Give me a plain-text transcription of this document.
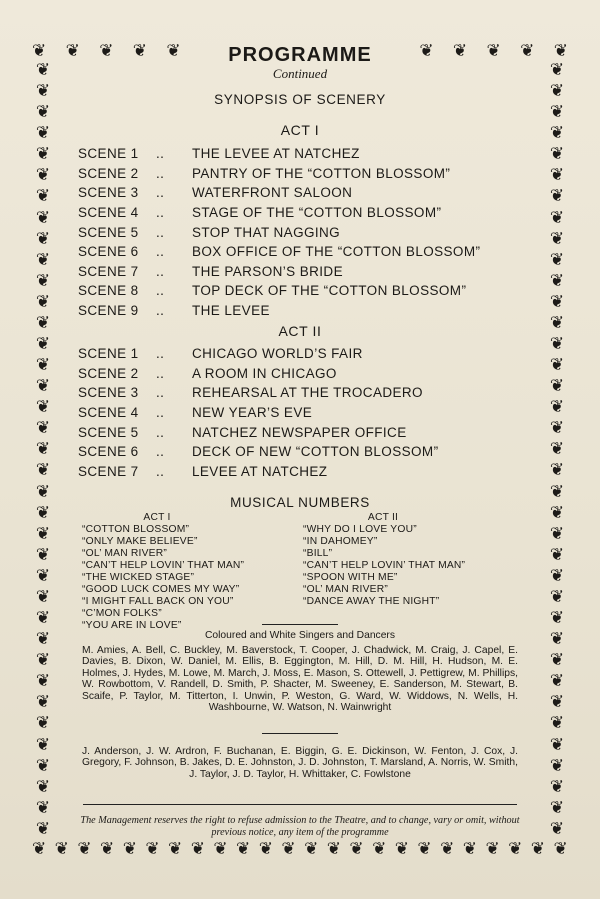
❦ ❦ ❦ ❦ ❦	❦ ❦ ❦ ❦ ❦
❦ ❦ ❦ ❦ ❦ ❦ ❦ ❦ ❦ ❦ ❦ ❦ ❦ ❦ ❦ ❦ ❦ ❦ ❦ ❦ ❦ ❦ ❦ ❦
❦
❦
❦
❦
❦
❦
❦
❦
❦
❦
❦
❦
❦
❦
❦
❦
❦
❦
❦
❦
❦
❦
❦
❦
❦
❦
❦
❦
❦
❦
❦
❦
❦
❦
❦
❦
❦
❦
❦
❦
❦
❦
❦
❦
❦
❦
❦
❦
❦
❦
❦
❦
❦
❦
❦
❦
❦
❦
❦
❦
❦
❦
❦
❦
❦
❦
❦
❦
❦
❦
❦
❦
❦
❦
PROGRAMME
Continued
SYNOPSIS OF SCENERY
ACT I
SCENE 1	..	THE LEVEE AT NATCHEZ
SCENE 2	..	PANTRY OF THE “COTTON BLOSSOM”
SCENE 3	..	WATERFRONT SALOON
SCENE 4	..	STAGE OF THE “COTTON BLOSSOM”
SCENE 5	..	STOP THAT NAGGING
SCENE 6	..	BOX OFFICE OF THE “COTTON BLOSSOM”
SCENE 7	..	THE PARSON’S BRIDE
SCENE 8	..	TOP DECK OF THE “COTTON BLOSSOM”
SCENE 9	..	THE LEVEE
ACT II
SCENE 1	..	CHICAGO WORLD’S FAIR
SCENE 2	..	A ROOM IN CHICAGO
SCENE 3	..	REHEARSAL AT THE TROCADERO
SCENE 4	..	NEW YEAR’S EVE
SCENE 5	..	NATCHEZ NEWSPAPER OFFICE
SCENE 6	..	DECK OF NEW “COTTON BLOSSOM”
SCENE 7	..	LEVEE AT NATCHEZ
MUSICAL NUMBERS
ACT I
“COTTON BLOSSOM”
“ONLY MAKE BELIEVE”
“OL’ MAN RIVER”
“CAN’T HELP LOVIN’ THAT MAN”
“THE WICKED STAGE”
“GOOD LUCK COMES MY WAY”
“I MIGHT FALL BACK ON YOU”
“C’MON FOLKS”
“YOU ARE IN LOVE”
ACT II
“WHY DO I LOVE YOU”
“IN DAHOMEY”
“BILL”
“CAN’T HELP LOVIN’ THAT MAN”
“SPOON WITH ME”
“OL’ MAN RIVER”
“DANCE AWAY THE NIGHT”
Coloured and White Singers and Dancers
M. Amies, A. Bell, C. Buckley, M. Baverstock, T. Cooper, J. Chadwick, M. Craig, J. Capel, E. Davies, B. Dixon, W. Daniel, M. Ellis, B. Eggington, M. Hill, D. M. Hill, H. Hudson, M. E. Holmes, J. Hydes, M. Lowe, M. March, J. Moss, E. Mason, S. Ottewell, J. Pettigrew, M. Phillips, W. Rowbottom, V. Randell, D. Smith, P. Shacter, M. Sweeney, E. Sanderson, M. Stewart, B. Scaife, P. Taylor, M. Titterton, I. Unwin, P. Weston, G. Ward, W. Widdows, N. Wells, H. Washbourne, W. Watson, N. Wainwright
J. Anderson, J. W. Ardron, F. Buchanan, E. Biggin, G. E. Dickinson, W. Fenton, J. Cox, J. Gregory, F. Johnson, B. Jakes, D. E. Johnston, J. D. Johnston, T. Marsland, A. Norris, W. Smith, J. Taylor, J. D. Taylor, H. Whittaker, C. Fowlstone
The Management reserves the right to refuse admission to the Theatre, and to change, vary or omit, without previous notice, any item of the programme
